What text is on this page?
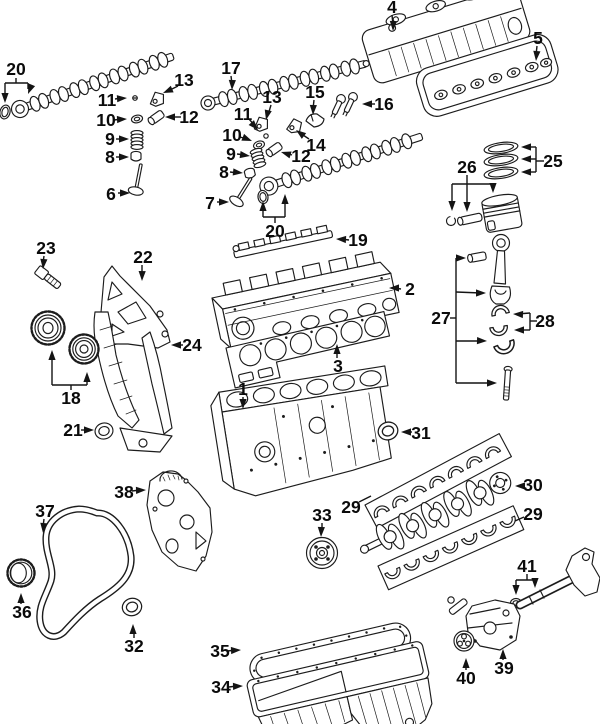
1
2
3
4
5
6	7
8
8
9
9
10
10
11
11
12
12
13
13
14
15
16
17
18
19
20
20
21
22
23
24
25
26
27	28
29	29
30
31
32
33
34
35
36
37
38
39
40
41
